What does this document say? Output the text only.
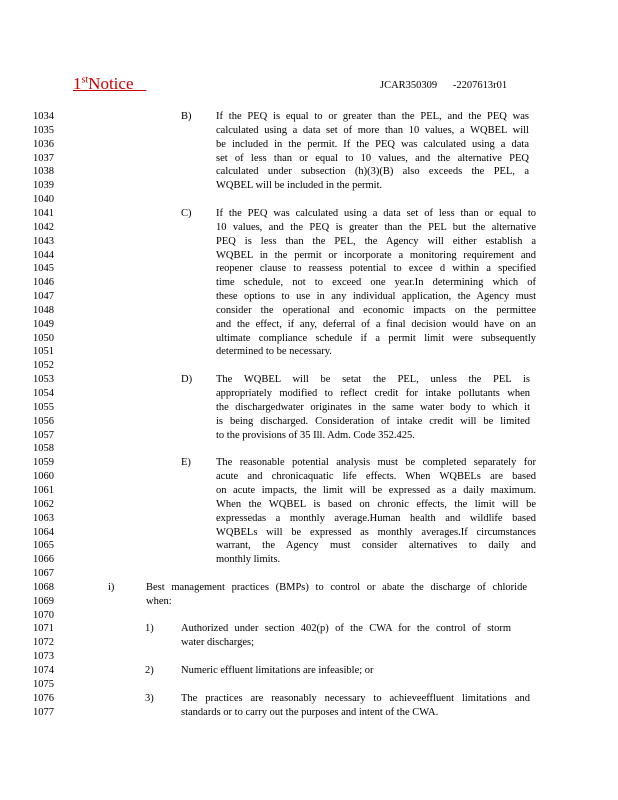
1stNotice	JCAR350309      -2207613r01
1034
1035
1036
1037
1038
1039
1040
1041
1042
1043
1044
1045
1046
1047
1048
1049
1050
1051
1052
1053
1054
1055
1056
1057
1058
1059
1060
1061
1062
1063
1064
1065
1066
1067
1068
1069
1070
1071
1072
1073
1074
1075
1076
1077
B) If the PEQ is equal to or greater than the PEL, and the PEQ was
calculated using a data set of more than 10 values, a WQBEL will
be included in the permit. If the PEQ was calculated using a data
set of less than or equal to 10 values, and the alternative PEQ
calculated under subsection (h)(3)(B) also exceeds the PEL, a
WQBEL will be included in the permit.
C) If the PEQ was calculated using a data set of less than or equal to
10 values, and the PEQ is greater than the PEL but the alternative
PEQ is less than the PEL, the Agency will either establish a
WQBEL in the permit or incorporate a monitoring requirement and
reopener clause to reassess potential to excee d within a specified
time schedule, not to exceed one year.In determining which of
these options to use in any individual application, the Agency must
consider the operational and economic impacts on the permittee
and the effect, if any, deferral of a final decision would have on an
ultimate compliance schedule if a permit limit were subsequently
determined to be necessary.
D) The WQBEL will be setat the PEL, unless the PEL is
appropriately modified to reflect credit for intake pollutants when
the dischargedwater originates in the same water body to which it
is being discharged. Consideration of intake credit will be limited
to the provisions of 35 Ill. Adm. Code 352.425.
E) The reasonable potential analysis must be completed separately for
acute and chronicaquatic life effects. When WQBELs are based
on acute impacts, the limit will be expressed as a daily maximum.
When the WQBEL is based on chronic effects, the limit will be
expressedas a monthly average.Human health and wildlife based
WQBELs will be expressed as monthly averages.If circumstances
warrant, the Agency must consider alternatives to daily and
monthly limits.
i)	Best management practices (BMPs) to control or abate the discharge of chloride
when:
1)	Authorized under section 402(p) of the CWA for the control of storm
water discharges;
2)	Numeric effluent limitations are infeasible; or
3)	The practices are reasonably necessary to achieveeffluent limitations and
standards or to carry out the purposes and intent of the CWA.
